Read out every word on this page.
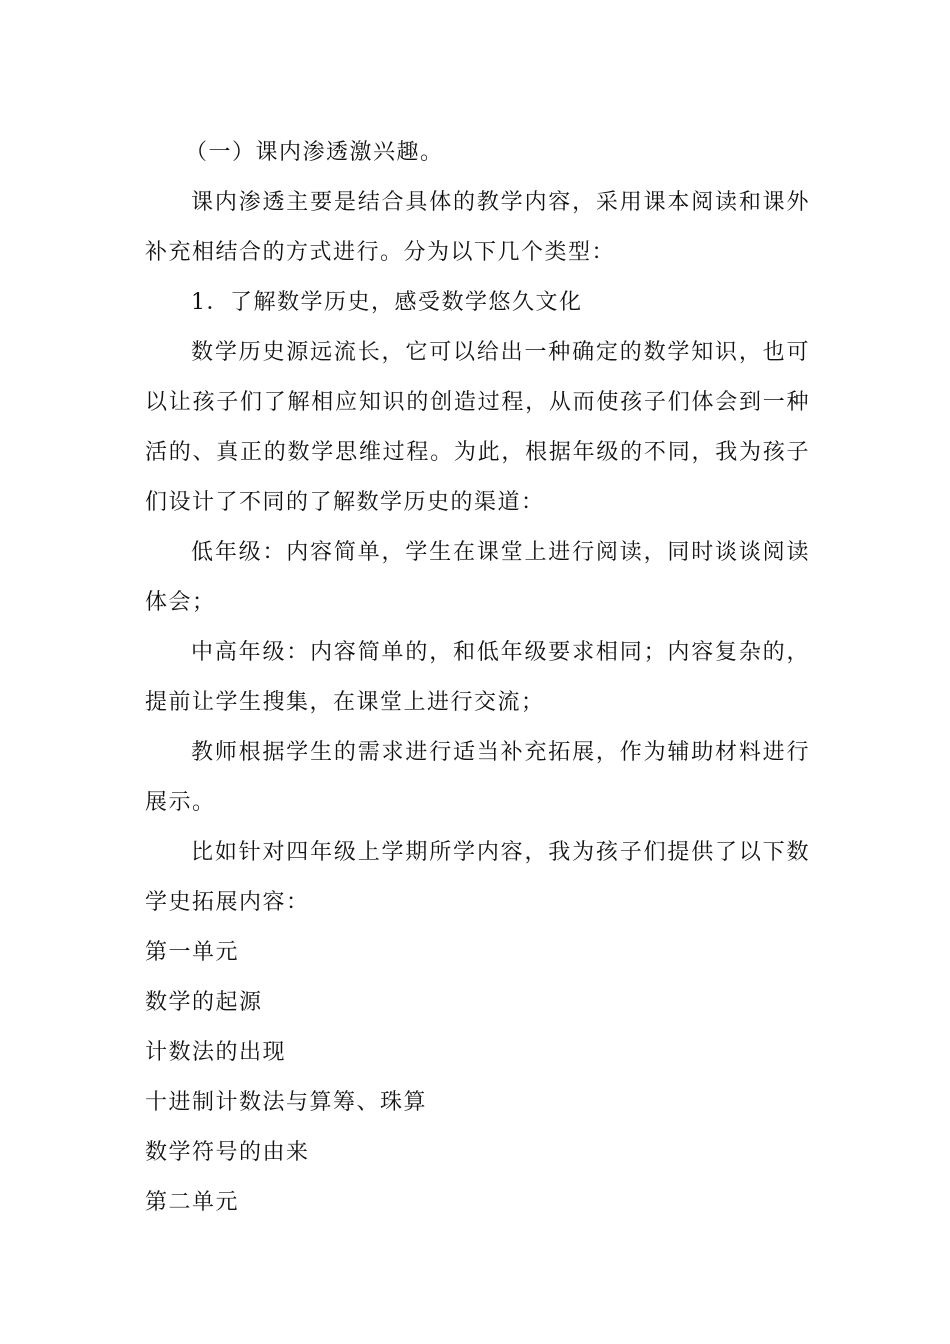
（一）课内渗透激兴趣。

课内渗透主要是结合具体的教学内容，采用课本阅读和课外补充相结合的方式进行。分为以下几个类型：

1．了解数学历史，感受数学悠久文化

数学历史源远流长，它可以给出一种确定的数学知识，也可以让孩子们了解相应知识的创造过程，从而使孩子们体会到一种活的、真正的数学思维过程。为此，根据年级的不同，我为孩子们设计了不同的了解数学历史的渠道：

低年级：内容简单，学生在课堂上进行阅读，同时谈谈阅读体会；

中高年级：内容简单的，和低年级要求相同；内容复杂的，提前让学生搜集，在课堂上进行交流；

教师根据学生的需求进行适当补充拓展，作为辅助材料进行展示。

比如针对四年级上学期所学内容，我为孩子们提供了以下数学史拓展内容：

第一单元

数学的起源

计数法的出现

十进制计数法与算筹、珠算

数学符号的由来

第二单元
